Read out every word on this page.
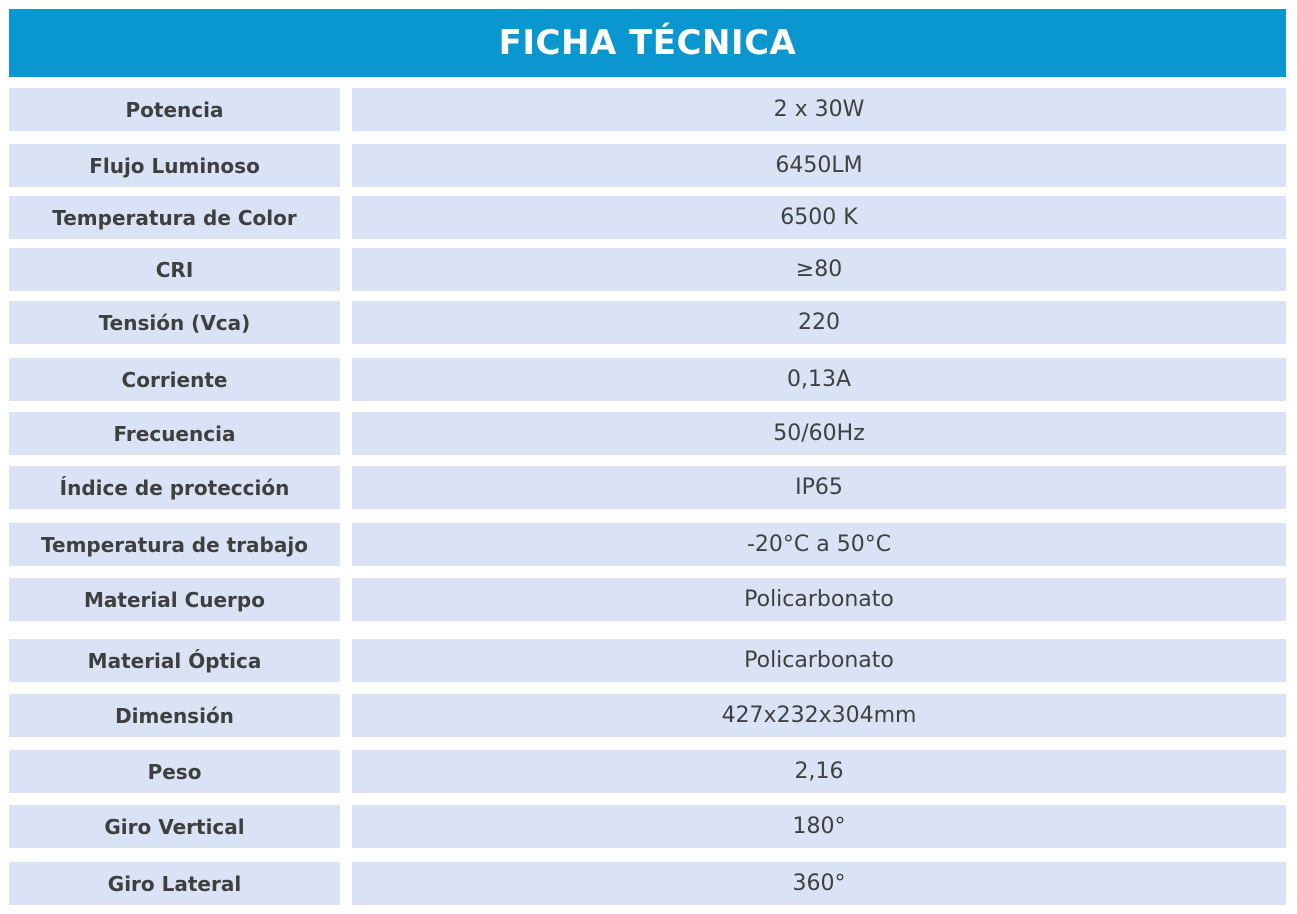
FICHA TÉCNICA
Potencia	2 x 30W
Flujo Luminoso	6450LM
Temperatura de Color	6500 K
CRI	≥80
Tensión (Vca)	220
Corriente	0,13A
Frecuencia	50/60Hz
Índice de protección	IP65
Temperatura de trabajo	-20°C a 50°C
Material Cuerpo	Policarbonato
Material Óptica	Policarbonato
Dimensión	427x232x304mm
Peso	2,16
Giro Vertical	180°
Giro Lateral	360°
